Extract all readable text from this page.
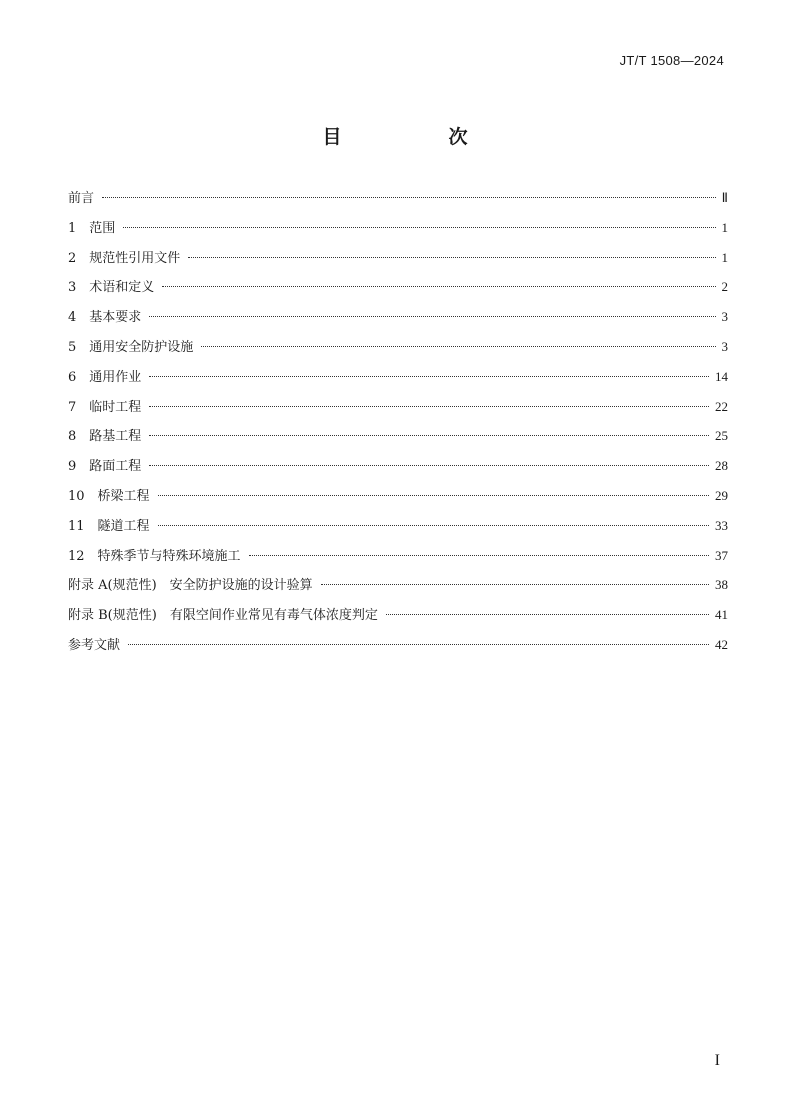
JT/T 1508—2024
目　次
前言	Ⅱ
1　范围	1
2　规范性引用文件	1
3　术语和定义	2
4　基本要求	3
5　通用安全防护设施	3
6　通用作业	14
7　临时工程	22
8　路基工程	25
9　路面工程	28
10　桥梁工程	29
11　隧道工程	33
12　特殊季节与特殊环境施工	37
附录 A(规范性)　安全防护设施的设计验算	38
附录 B(规范性)　有限空间作业常见有毒气体浓度判定	41
参考文献	42
I
